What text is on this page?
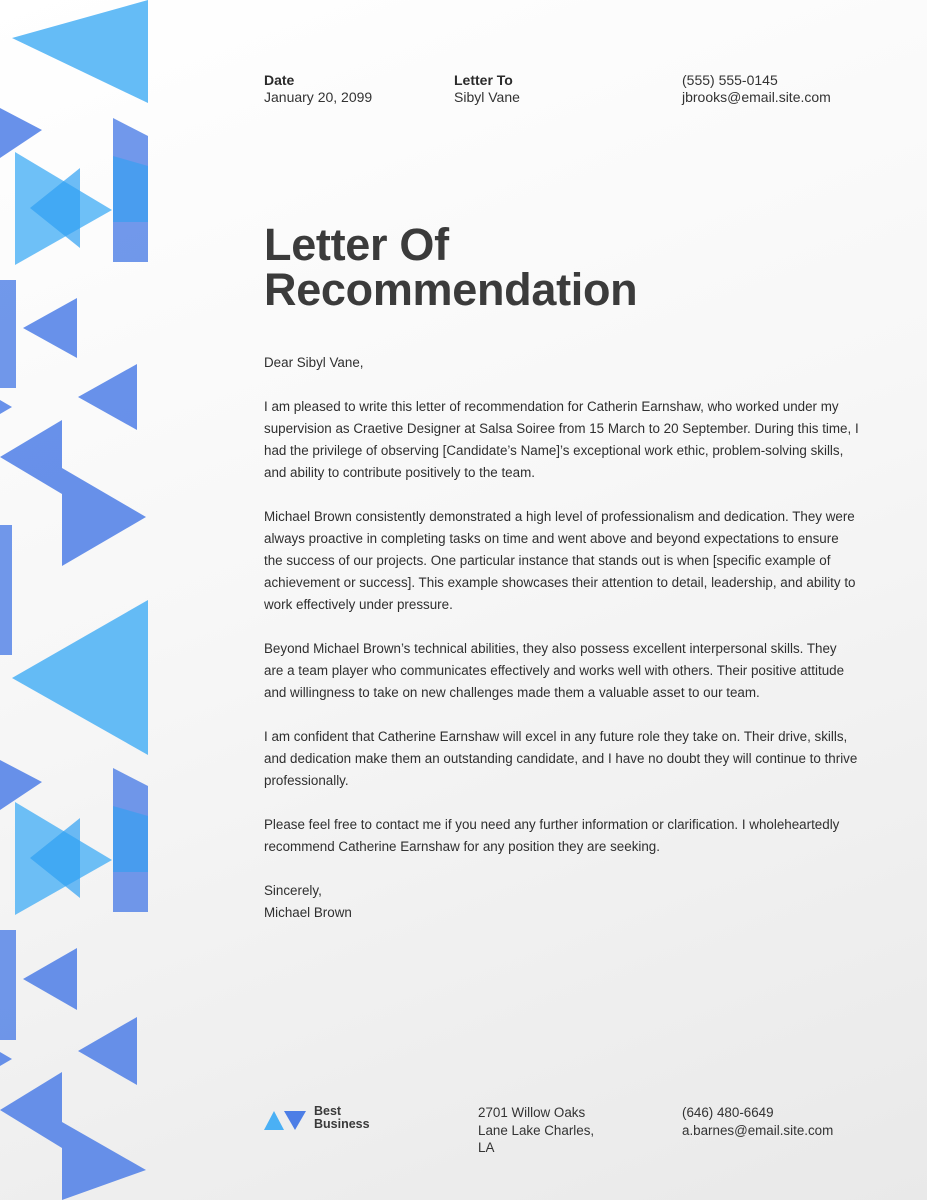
Date
January 20, 2099
Letter To
Sibyl Vane
(555) 555-0145
jbrooks@email.site.com
Letter Of
Recommendation

Dear Sibyl Vane,

I am pleased to write this letter of recommendation for Catherin Earnshaw, who worked under my supervision as Craetive Designer at Salsa Soiree from 15 March to 20 September. During this time, I had the privilege of observing [Candidate’s Name]’s exceptional work ethic, problem-solving skills, and ability to contribute positively to the team.

Michael Brown consistently demonstrated a high level of professionalism and dedication. They were always proactive in completing tasks on time and went above and beyond expectations to ensure the success of our projects. One particular instance that stands out is when [specific example of achievement or success]. This example showcases their attention to detail, leadership, and ability to work effectively under pressure.

Beyond Michael Brown’s technical abilities, they also possess excellent interpersonal skills. They are a team player who communicates effectively and works well with others. Their positive attitude and willingness to take on new challenges made them a valuable asset to our team.

I am confident that Catherine Earnshaw will excel in any future role they take on. Their drive, skills, and dedication make them an outstanding candidate, and I have no doubt they will continue to thrive professionally.

Please feel free to contact me if you need any further information or clarification. I wholeheartedly recommend Catherine Earnshaw for any position they are seeking.

Sincerely,
Michael Brown

Best
Business
2701 Willow Oaks
Lane Lake Charles,
LA
(646) 480-6649
a.barnes@email.site.com
